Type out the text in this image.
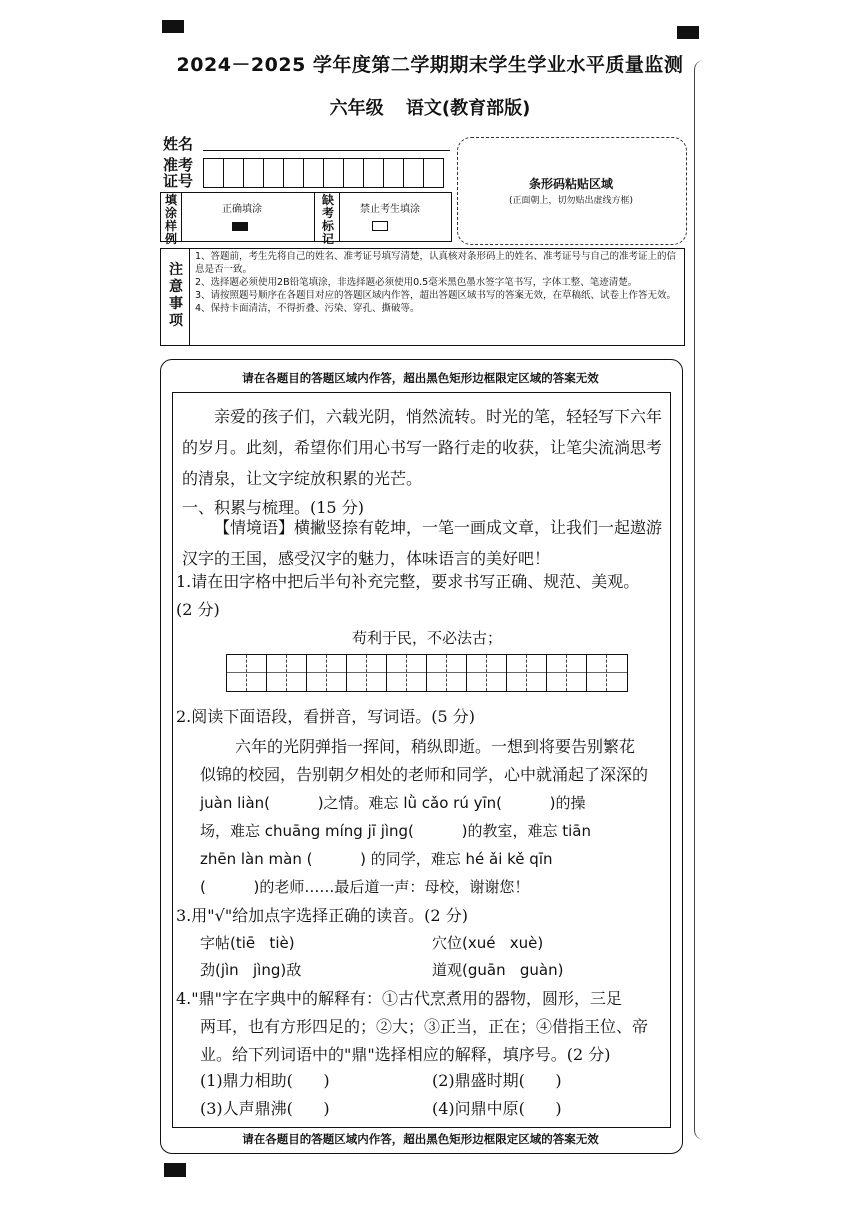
2024－2025 学年度第二学期期末学生学业水平质量监测
六年级 语文(教育部版)
姓名
准考
证号
填涂样例
正确填涂
缺考标记
禁止考生填涂
条形码粘贴区域
(正面朝上，切勿贴出虚线方框)
注意事项
1、答题前，考生先将自己的姓名、准考证号填写清楚，认真核对条形码上的姓名、准考证号与自己的准考证上的信息是否一致。
2、选择题必须使用2B铅笔填涂，非选择题必须使用0.5毫米黑色墨水签字笔书写，字体工整、笔迹清楚。
3、请按照题号顺序在各题目对应的答题区域内作答，超出答题区域书写的答案无效，在草稿纸、试卷上作答无效。
4、保持卡面清洁，不得折叠、污染、穿孔、撕破等。
请在各题目的答题区域内作答，超出黑色矩形边框限定区域的答案无效
请在各题目的答题区域内作答，超出黑色矩形边框限定区域的答案无效
亲爱的孩子们，六载光阴，悄然流转。时光的笔，轻轻写下六年的岁月。此刻，希望你们用心书写一路行走的收获，让笔尖流淌思考的清泉，让文字绽放积累的光芒。
一、积累与梳理。(15 分)
【情境语】横撇竖捺有乾坤，一笔一画成文章，让我们一起遨游汉字的王国，感受汉字的魅力，体味语言的美好吧！
1.请在田字格中把后半句补充完整，要求书写正确、规范、美观。
(2 分)
苟利于民，不必法古；
2.阅读下面语段，看拼音，写词语。(5 分)
六年的光阴弹指一挥间，稍纵即逝。一想到将要告别繁花
似锦的校园，告别朝夕相处的老师和同学，心中就涌起了深深的
juàn liàn(          )之情。难忘 lǜ cǎo rú yīn(          )的操
场，难忘 chuāng míng jī jìng(          )的教室，难忘 tiān
zhēn làn màn (          ) 的同学，难忘 hé ǎi kě qīn
(          )的老师……最后道一声：母校，谢谢您！
3.用"√"给加点字选择正确的读音。(2 分)
字帖(tiē   tiè)	穴位(xué   xuè)
劲(jìn   jìng)敌	道观(guān   guàn)
4."鼎"字在字典中的解释有：①古代烹煮用的器物，圆形，三足
两耳，也有方形四足的；②大；③正当，正在；④借指王位、帝
业。给下列词语中的"鼎"选择相应的解释，填序号。(2 分)
(1)鼎力相助(      )	(2)鼎盛时期(      )
(3)人声鼎沸(      )	(4)问鼎中原(      )
